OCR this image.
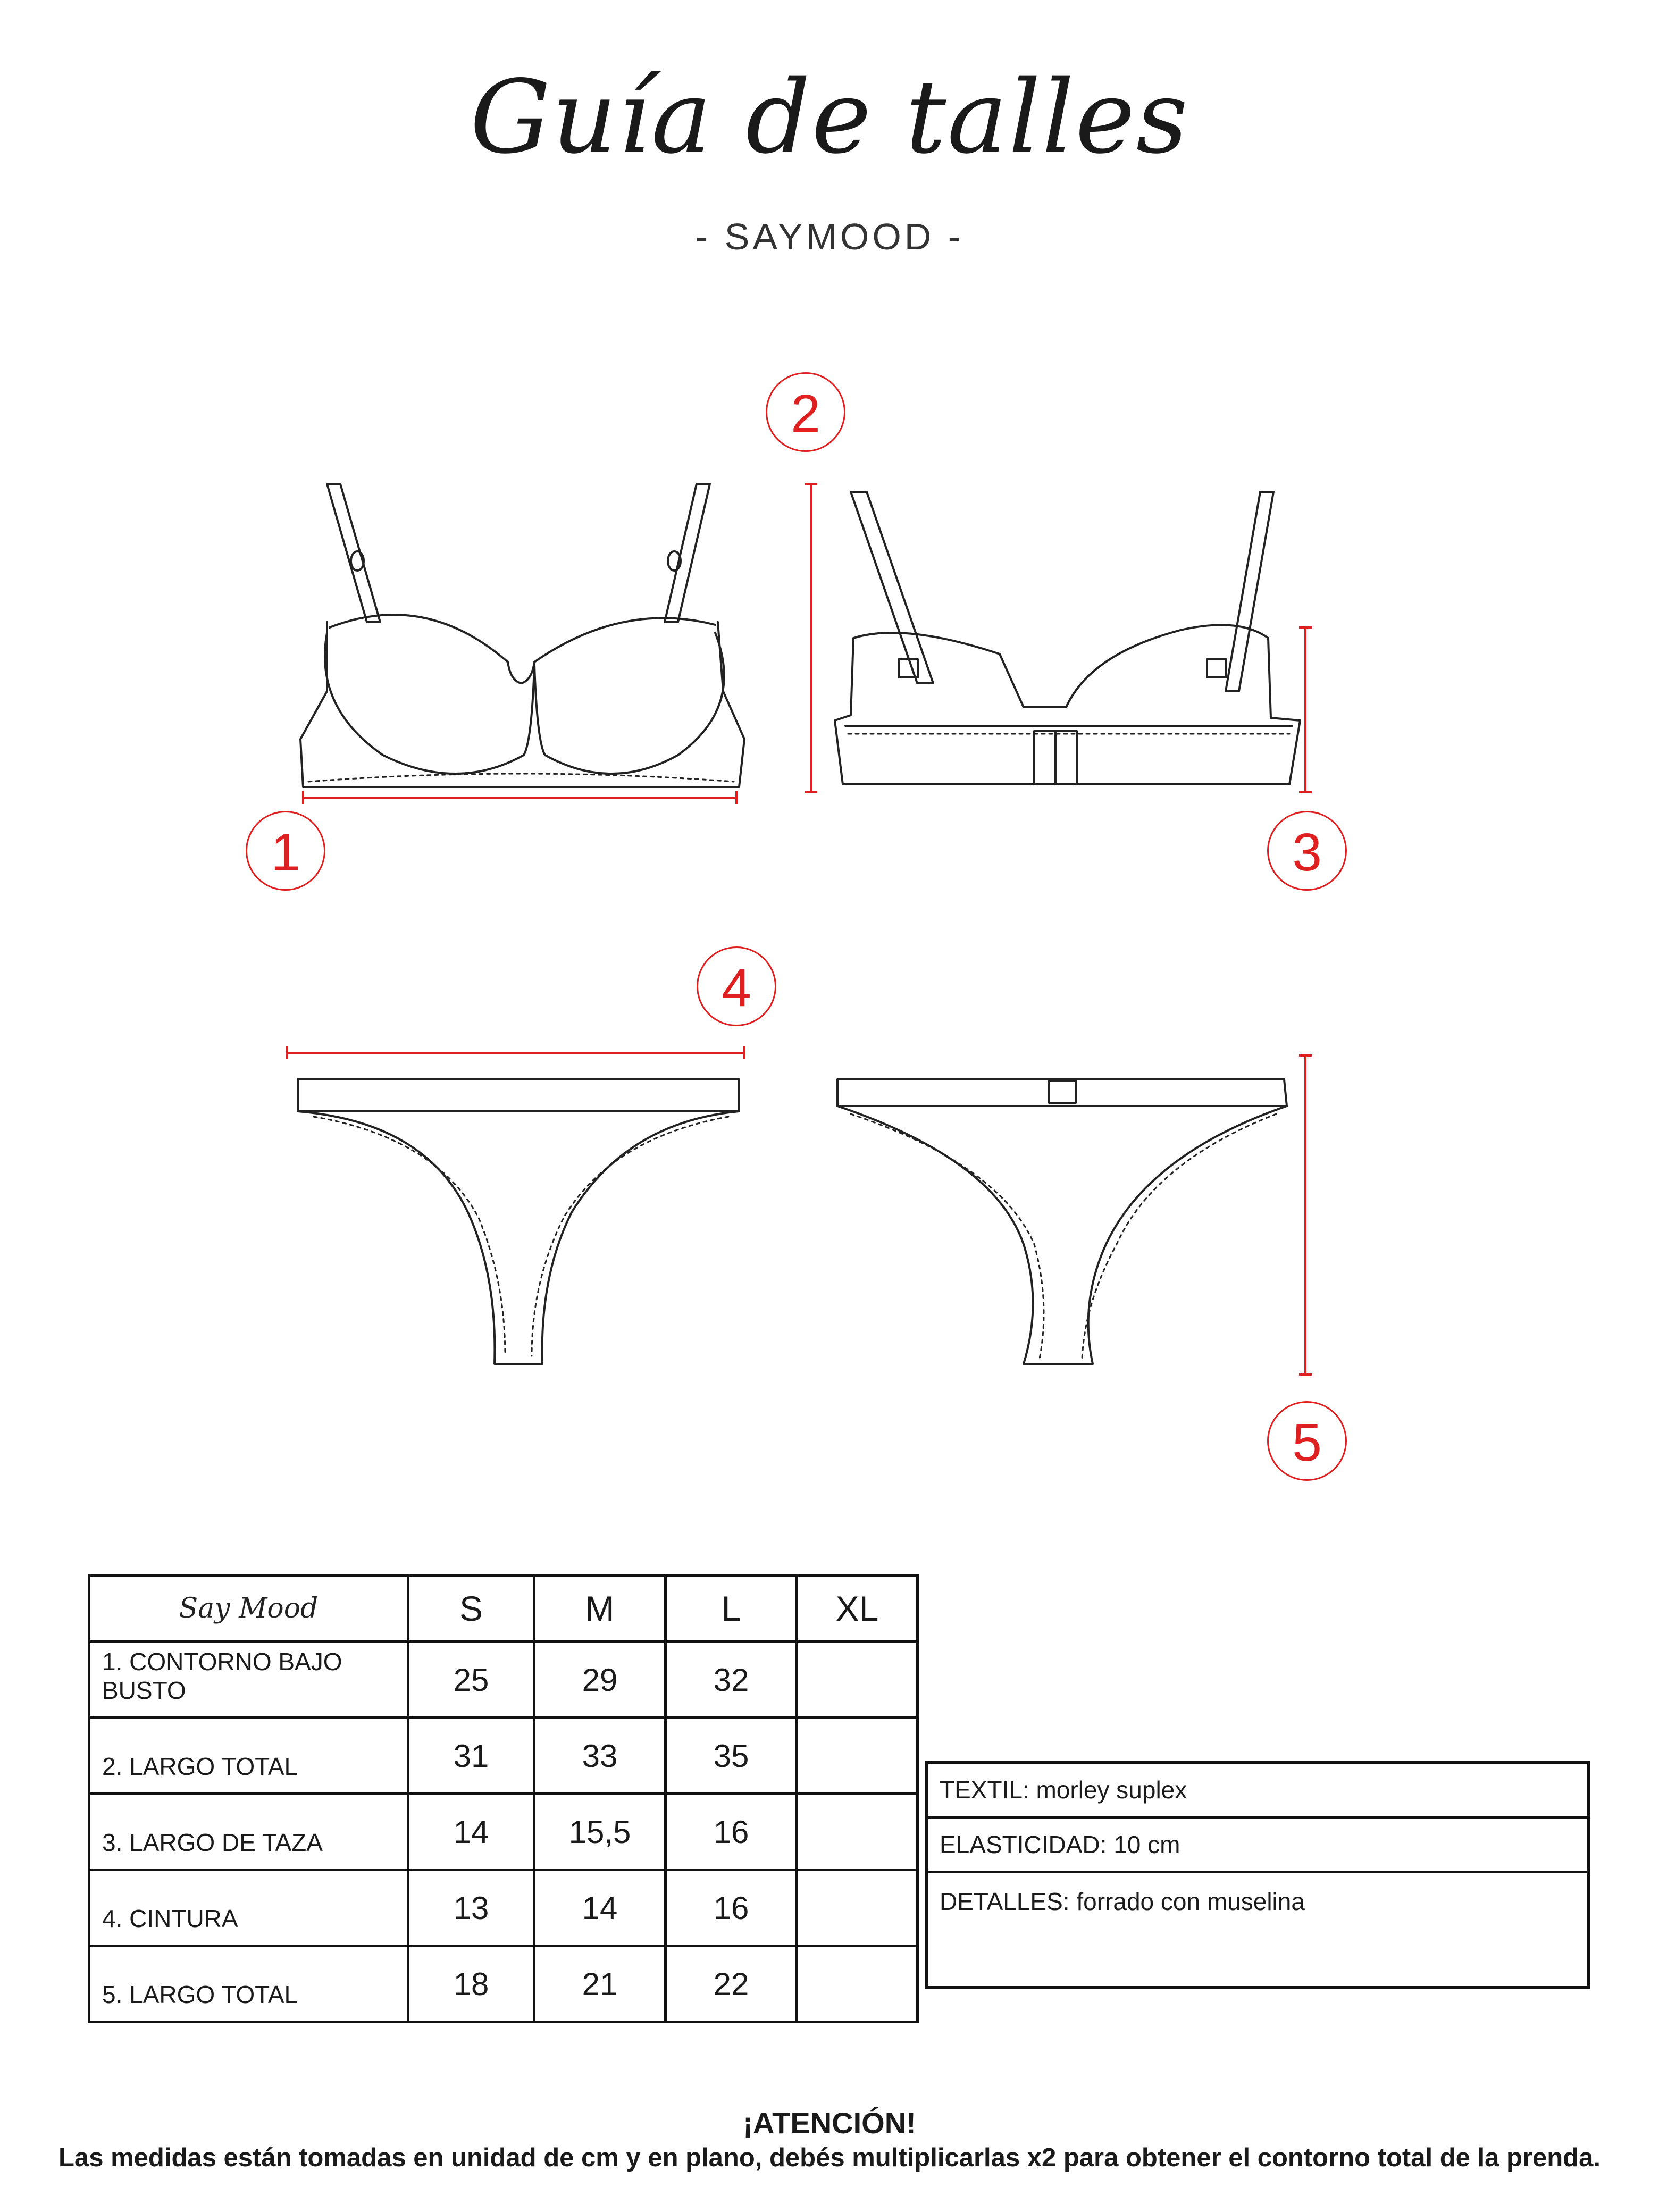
Guía de talles
- SAYMOOD -
2
1	3
4
5
Say Mood	S	M	L	XL
1. CONTORNO BAJO BUSTO	25	29	32	
2. LARGO TOTAL	31	33	35	
3. LARGO DE TAZA	14	15,5	16	
4. CINTURA	13	14	16	
5. LARGO TOTAL	18	21	22	
TEXTIL: morley suplex
ELASTICIDAD: 10 cm
DETALLES: forrado con muselina
¡ATENCIÓN!
Las medidas están tomadas en unidad de cm y en plano, debés multiplicarlas x2 para obtener el contorno total de la prenda.
